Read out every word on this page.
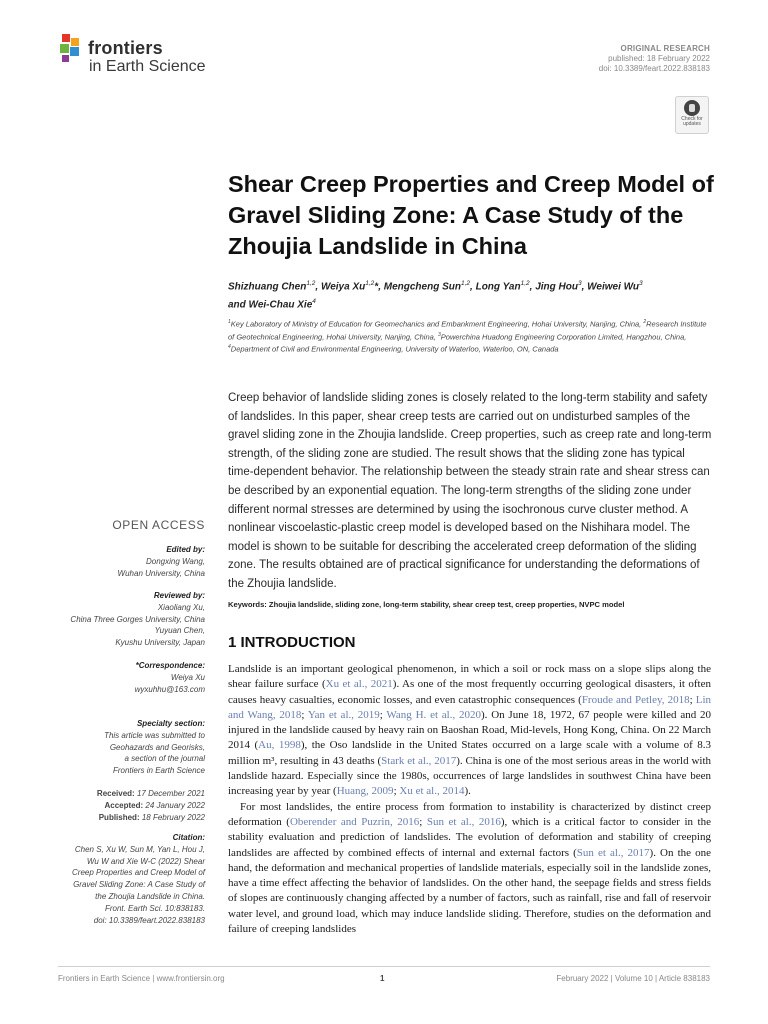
frontiers
in Earth Science
ORIGINAL RESEARCH
published: 18 February 2022
doi: 10.3389/feart.2022.838183
Check for updates
Shear Creep Properties and Creep Model of Gravel Sliding Zone: A Case Study of the Zhoujia Landslide in China
Shizhuang Chen$^{1,2}$, Weiya Xu$^{1,2}$*, Mengcheng Sun$^{1,2}$, Long Yan$^{1,2}$, Jing Hou$^3$, Weiwei Wu$^3$
and Wei-Chau Xie$^4$
$^1$Key Laboratory of Ministry of Education for Geomechanics and Embankment Engineering, Hohai University, Nanjing, China, $^2$Research Institute of Geotechnical Engineering, Hohai University, Nanjing, China, $^3$Powerchina Huadong Engineering Corporation Limited, Hangzhou, China, $^4$Department of Civil and Environmental Engineering, University of Waterloo, Waterloo, ON, Canada
Creep behavior of landslide sliding zones is closely related to the long-term stability and safety of landslides. In this paper, shear creep tests are carried out on undisturbed samples of the gravel sliding zone in the Zhoujia landslide. Creep properties, such as creep rate and long-term strength, of the sliding zone are studied. The result shows that the sliding zone has typical time-dependent behavior. The relationship between the steady strain rate and shear stress can be described by an exponential equation. The long-term strengths of the sliding zone under different normal stresses are determined by using the isochronous curve cluster method. A nonlinear viscoelastic-plastic creep model is developed based on the Nishihara model. The model is shown to be suitable for describing the accelerated creep deformation of the sliding zone. The results obtained are of practical significance for understanding the deformations of the Zhoujia landslide.
Keywords: Zhoujia landslide, sliding zone, long-term stability, shear creep test, creep properties, NVPC model
1 INTRODUCTION

Landslide is an important geological phenomenon, in which a soil or rock mass on a slope slips along the shear failure surface (Xu et al., 2021). As one of the most frequently occurring geological disasters, it often causes heavy casualties, economic losses, and even catastrophic consequences (Froude and Petley, 2018; Lin and Wang, 2018; Yan et al., 2019; Wang H. et al., 2020). On June 18, 1972, 67 people were killed and 20 injured in the landslide caused by heavy rain on Baoshan Road, Mid-levels, Hong Kong, China. On 22 March 2014 (Au, 1998), the Oso landslide in the United States occurred on a large scale with a volume of 8.3 million m³, resulting in 43 deaths (Stark et al., 2017). China is one of the most serious areas in the world with landslide hazard. Especially since the 1980s, occurrences of large landslides in southwest China have been increasing year by year (Huang, 2009; Xu et al., 2014).

For most landslides, the entire process from formation to instability is characterized by distinct creep deformation (Oberender and Puzrin, 2016; Sun et al., 2016), which is a critical factor to consider in the stability evaluation and prediction of landslides. The evolution of deformation and stability of creeping landslides are affected by combined effects of internal and external factors (Sun et al., 2017). On the one hand, the deformation and mechanical properties of landslide materials, especially soil in the landslide zones, have a time effect affecting the behavior of landslides. On the other hand, the seepage fields and stress fields of slopes are continuously changing affected by a number of factors, such as rainfall, rise and fall of reservoir water level, and ground load, which may induce landslide sliding. Therefore, studies on the deformation and failure of creeping landslides

OPEN ACCESS
Edited by:
Dongxing Wang,
Wuhan University, China
Reviewed by:
Xiaoliang Xu,
China Three Gorges University, China
Yuyuan Chen,
Kyushu University, Japan
*Correspondence:
Weiya Xu
wyxuhhu@163.com
Specialty section:
This article was submitted to
Geohazards and Georisks,
a section of the journal
Frontiers in Earth Science
Received: 17 December 2021
Accepted: 24 January 2022
Published: 18 February 2022
Citation:
Chen S, Xu W, Sun M, Yan L, Hou J,
Wu W and Xie W-C (2022) Shear
Creep Properties and Creep Model of
Gravel Sliding Zone: A Case Study of
the Zhoujia Landslide in China.
Front. Earth Sci. 10:838183.
doi: 10.3389/feart.2022.838183
Frontiers in Earth Science | www.frontiersin.org	1	February 2022 | Volume 10 | Article 838183
